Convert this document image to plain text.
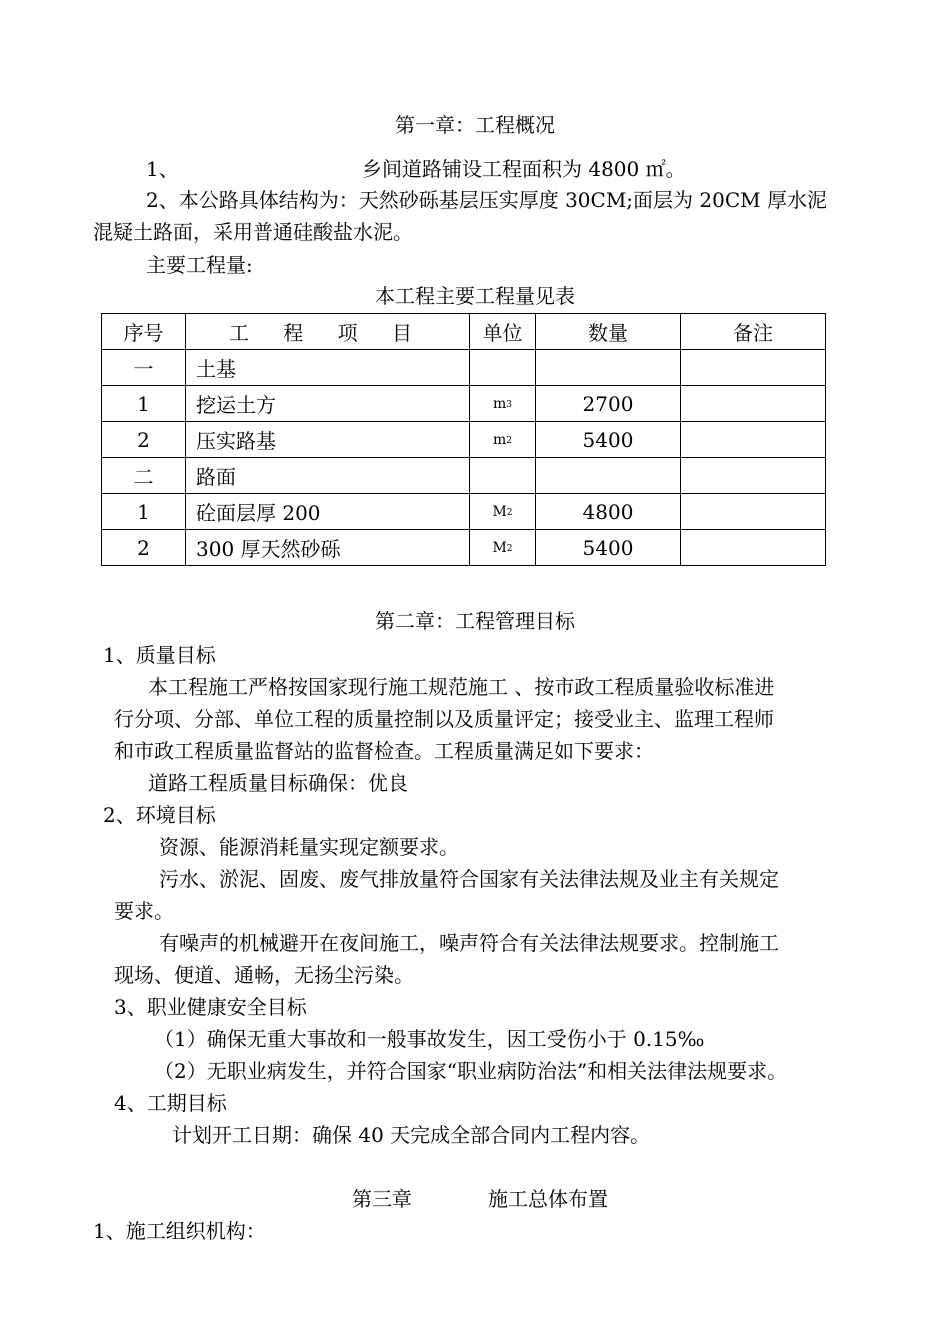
第一章：工程概况
1、	乡间道路铺设工程面积为 4800 ㎡。
2、本公路具体结构为：天然砂砾基层压实厚度 30CM;面层为 20CM 厚水泥
混疑土路面，采用普通硅酸盐水泥。
主要工程量:
本工程主要工程量见表
序号	工 程 项 目	单位	数量	备注
一	土基			
1	挖运土方	m3	2700	
2	压实路基	m2	5400	
二	路面			
1	砼面层厚 200	M2	4800	
2	300 厚天然砂砾	M2	5400	
第二章：工程管理目标
1、质量目标
本工程施工严格按国家现行施工规范施工 、按市政工程质量验收标准进
行分项、分部、单位工程的质量控制以及质量评定；接受业主、监理工程师
和市政工程质量监督站的监督检查。工程质量满足如下要求：
道路工程质量目标确保：优良
2、环境目标
资源、能源消耗量实现定额要求。
污水、淤泥、固废、废气排放量符合国家有关法律法规及业主有关规定
要求。
有噪声的机械避开在夜间施工，噪声符合有关法律法规要求。控制施工
现场、便道、通畅，无扬尘污染。
3、职业健康安全目标
（1）确保无重大事故和一般事故发生，因工受伤小于 0.15‰
（2）无职业病发生，并符合国家“职业病防治法”和相关法律法规要求。
4、工期目标
计划开工日期：确保 40 天完成全部合同内工程内容。
第三章	施工总体布置
1、施工组织机构：
